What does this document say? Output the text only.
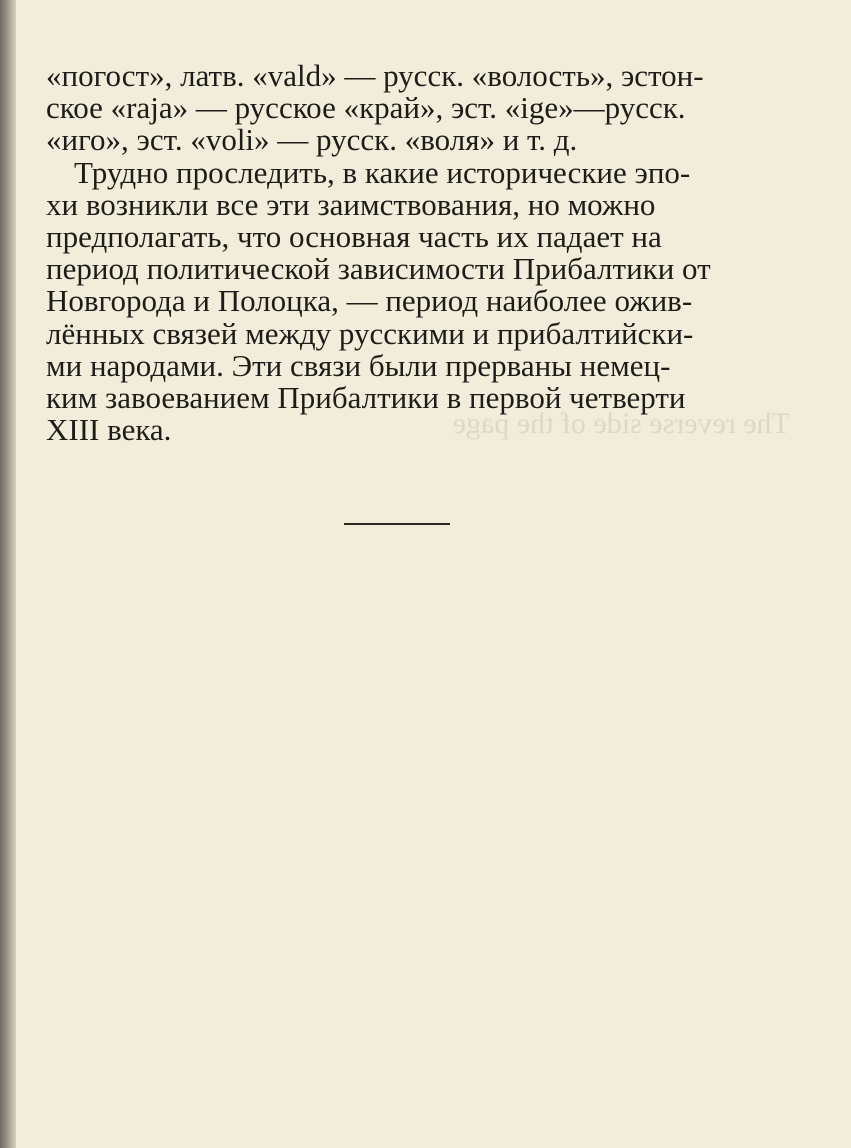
The reverse side of the page

«погост», латв. «vald» — русск. «волость», эстон-
ское «raja» — русское «край», эст. «ige»—русск.
«иго», эст. «voli» — русск. «воля» и т. д.

Трудно проследить, в какие исторические эпо-
хи возникли все эти заимствования, но можно
предполагать, что основная часть их падает на
период политической зависимости Прибалтики от
Новгорода и Полоцка, — период наиболее ожив-
лённых связей между русскими и прибалтийски-
ми народами. Эти связи были прерваны немец-
ким завоеванием Прибалтики в первой четверти
XIII века.
